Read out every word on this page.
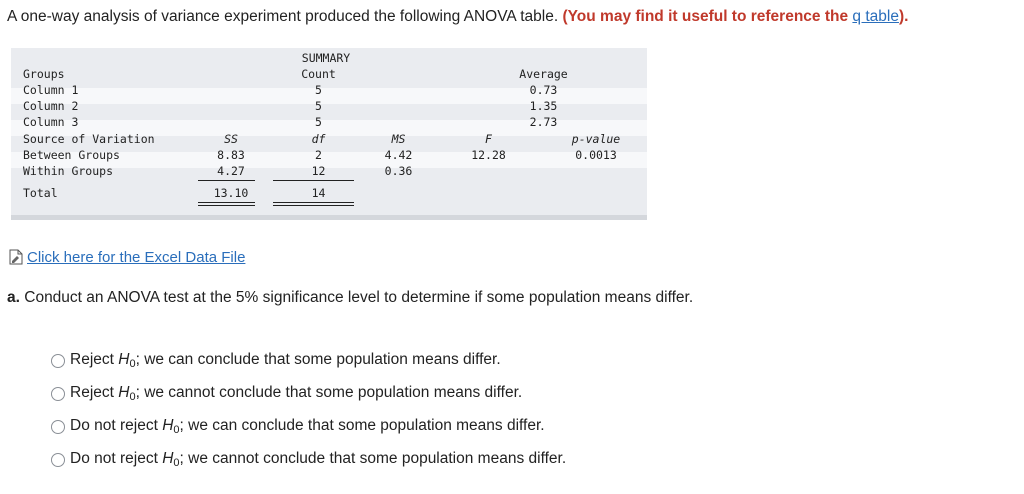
A one-way analysis of variance experiment produced the following ANOVA table. (You may find it useful to reference the q table).
SUMMARY
Groups	Count	Average
Column 1	5	0.73
Column 2	5	1.35
Column 3	5	2.73
Source of Variation	SS	df	MS	F	p-value
Between Groups	8.83	2	4.42	12.28	0.0013
Within Groups	4.27	12	0.36
Total	13.10	14
Click here for the Excel Data File
a. Conduct an ANOVA test at the 5% significance level to determine if some population means differ.
Reject $H_0$; we can conclude that some population means differ.
Reject $H_0$; we cannot conclude that some population means differ.
Do not reject $H_0$; we can conclude that some population means differ.
Do not reject $H_0$; we cannot conclude that some population means differ.
